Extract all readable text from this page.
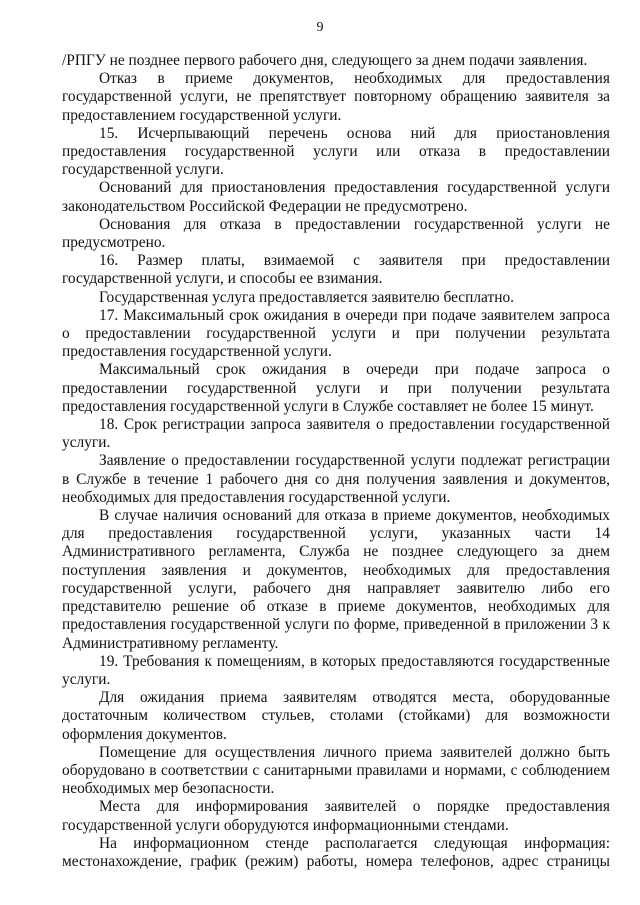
9

/РПГУ не позднее первого рабочего дня, следующего за днем подачи заявления.

Отказ в приеме документов, необходимых для предоставления государственной услуги, не препятствует повторному обращению заявителя за предоставлением государственной услуги.

15. Исчерпывающий перечень основа ний для приостановления предоставления государственной услуги или отказа в предоставлении государственной услуги.

Оснований для приостановления предоставления государственной услуги законодательством Российской Федерации не предусмотрено.

Основания для отказа в предоставлении государственной услуги не предусмотрено.

16. Размер платы, взимаемой с заявителя при предоставлении государственной услуги, и способы ее взимания.

Государственная услуга предоставляется заявителю бесплатно.

17. Максимальный срок ожидания в очереди при подаче заявителем запроса о предоставлении государственной услуги и при получении результата предоставления государственной услуги.

Максимальный срок ожидания в очереди при подаче запроса о предоставлении государственной услуги и при получении результата предоставления государственной услуги в Службе составляет не более 15 минут.

18. Срок регистрации запроса заявителя о предоставлении государственной услуги.

Заявление о предоставлении государственной услуги подлежат регистрации в Службе в течение 1 рабочего дня со дня получения заявления и документов, необходимых для предоставления государственной услуги.

В случае наличия оснований для отказа в приеме документов, необходимых для предоставления государственной услуги, указанных части 14 Административного регламента, Служба не позднее следующего за днем поступления заявления и документов, необходимых для предоставления государственной услуги, рабочего дня направляет заявителю либо его представителю решение об отказе в приеме документов, необходимых для предоставления государственной услуги по форме, приведенной в приложении 3 к Административному регламенту.

19. Требования к помещениям, в которых предоставляются государственные услуги.

Для ожидания приема заявителям отводятся места, оборудованные достаточным количеством стульев, столами (стойками) для возможности оформления документов.

Помещение для осуществления личного приема заявителей должно быть оборудовано в соответствии с санитарными правилами и нормами, с соблюдением необходимых мер безопасности.

Места для информирования заявителей о порядке предоставления государственной услуги оборудуются информационными стендами.

На информационном стенде располагается следующая информация: местонахождение, график (режим) работы, номера телефонов, адрес страницы
